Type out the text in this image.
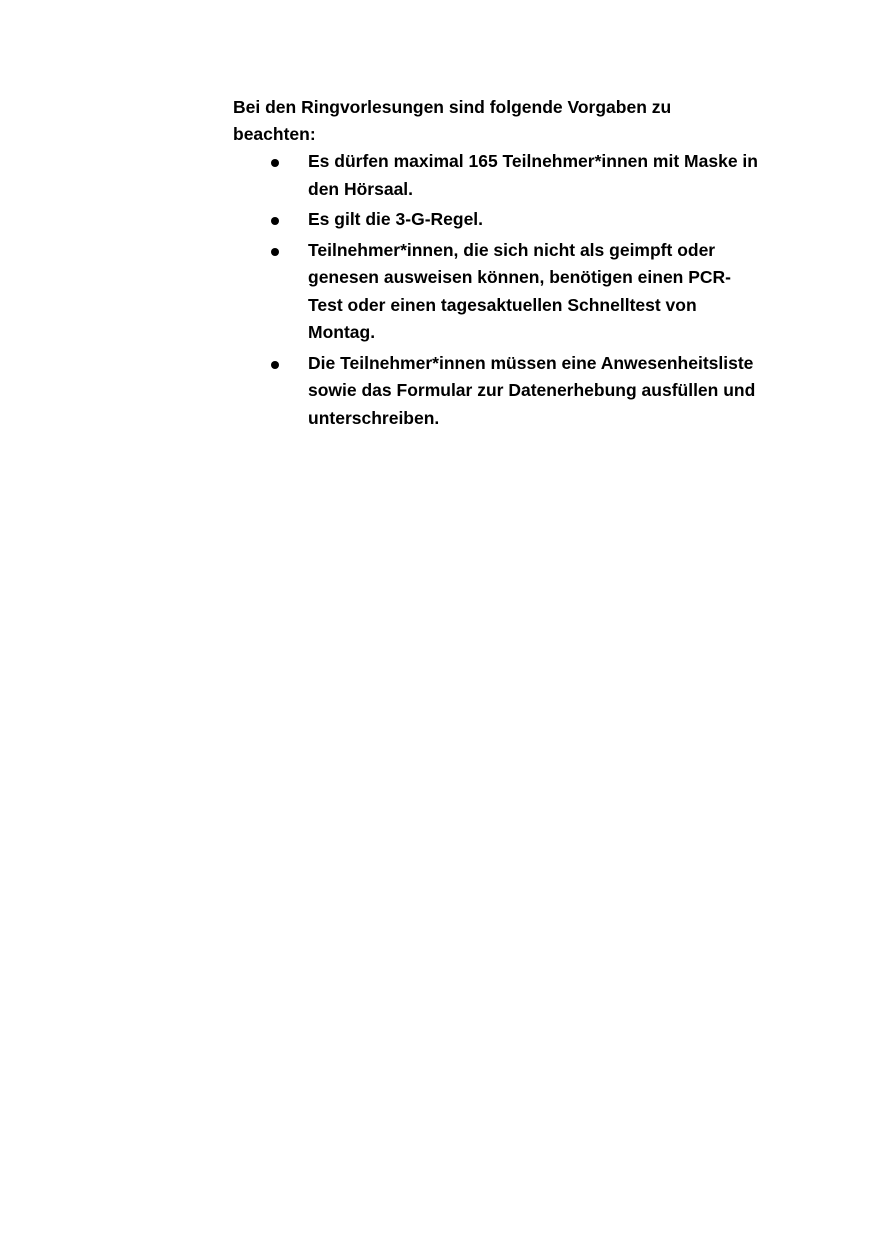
Bei den Ringvorlesungen sind folgende Vorgaben zu beachten:

Es dürfen maximal 165 Teilnehmer*innen mit Maske in den Hörsaal.
Es gilt die 3-G-Regel.
Teilnehmer*innen, die sich nicht als geimpft oder genesen ausweisen können, benötigen einen PCR-Test oder einen tagesaktuellen Schnelltest von Montag.
Die Teilnehmer*innen müssen eine Anwesenheitsliste sowie das Formular zur Datenerhebung ausfüllen und unterschreiben.
